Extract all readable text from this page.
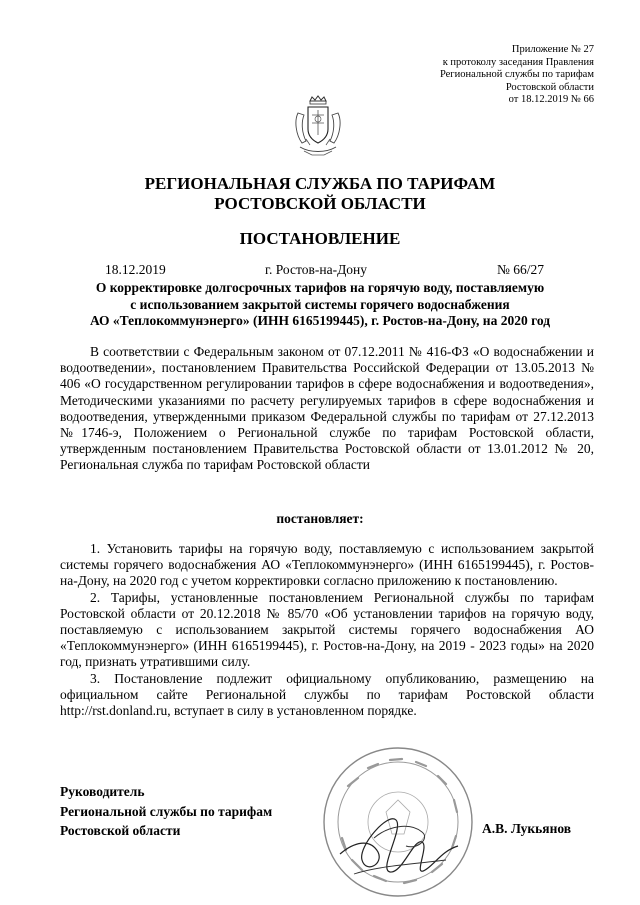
Приложение № 27
к протоколу заседания Правления
Региональной службы по тарифам
Ростовской области
от 18.12.2019 № 66
РЕГИОНАЛЬНАЯ СЛУЖБА ПО ТАРИФАМ
РОСТОВСКОЙ ОБЛАСТИ
ПОСТАНОВЛЕНИЕ
18.12.2019	г. Ростов-на-Дону	№ 66/27
О корректировке долгосрочных тарифов на горячую воду, поставляемую
с использованием закрытой системы горячего водоснабжения
АО «Теплокоммунэнерго» (ИНН 6165199445), г. Ростов-на-Дону, на 2020 год

В соответствии с Федеральным законом от 07.12.2011 № 416-ФЗ «О водоснабжении и водоотведении», постановлением Правительства Российской Федерации от 13.05.2013 № 406 «О государственном регулировании тарифов в сфере водоснабжения и водоотведения», Методическими указаниями по расчету регулируемых тарифов в сфере водоснабжения и водоотведения, утвержденными приказом Федеральной службы по тарифам от 27.12.2013 №1746-э, Положением о Региональной службе по тарифам Ростовской области, утвержденным постановлением Правительства Ростовской области от 13.01.2012 № 20, Региональная служба по тарифам Ростовской области

постановляет:

1. Установить тарифы на горячую воду, поставляемую с использованием закрытой системы горячего водоснабжения АО «Теплокоммунэнерго» (ИНН 6165199445), г. Ростов-на-Дону, на 2020 год с учетом корректировки согласно приложению к постановлению.

2. Тарифы, установленные постановлением Региональной службы по тарифам Ростовской области от 20.12.2018 № 85/70 «Об установлении тарифов на горячую воду, поставляемую с использованием закрытой системы горячего водоснабжения АО «Теплокоммунэнерго» (ИНН 6165199445), г. Ростов-на-Дону, на 2019 - 2023 годы» на 2020 год, признать утратившими силу.

3. Постановление подлежит официальному опубликованию, размещению на официальном сайте Региональной службы по тарифам Ростовской области http://rst.donland.ru, вступает в силу в установленном порядке.

Руководитель
Региональной службы по тарифам
Ростовской области	А.В. Лукьянов
